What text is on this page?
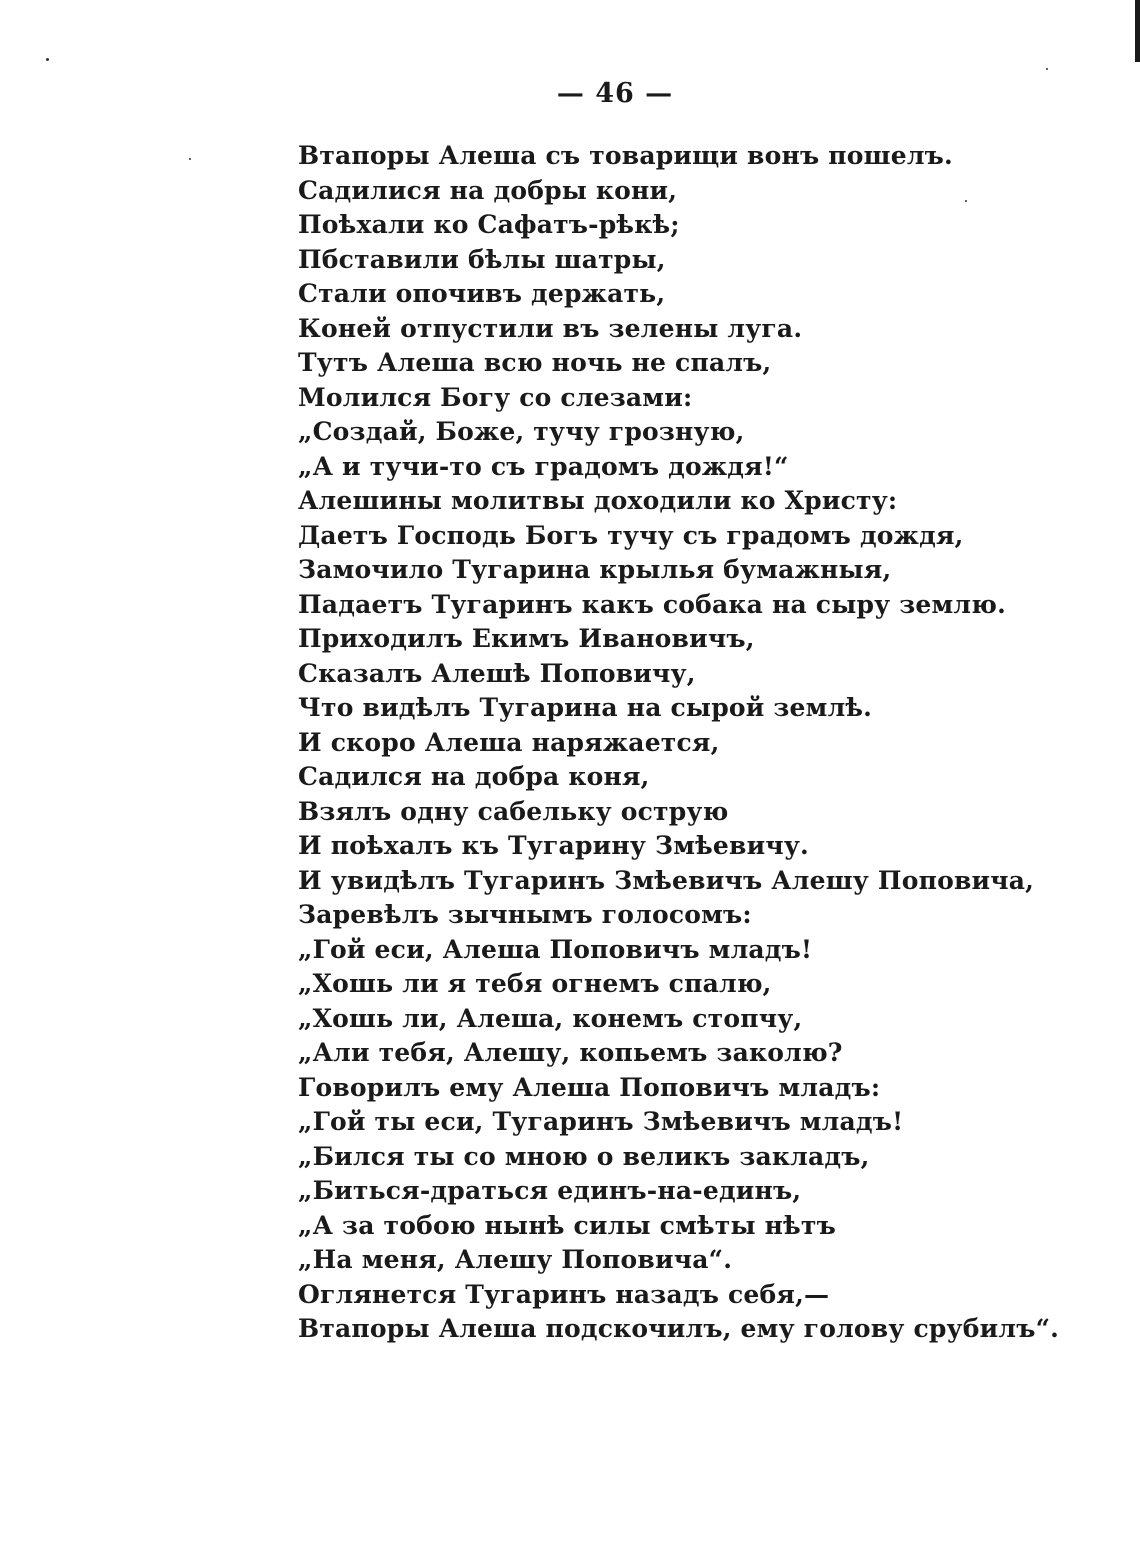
— 46 —
Втапоры Алеша съ товарищи вонъ пошелъ.
Садилися на добры кони,
Поѣхали ко Сафатъ-рѣкѣ;
Пбставили бѣлы шатры,
Стали опочивъ держать,
Коней отпустили въ зелены луга.
Тутъ Алеша всю ночь не спалъ,
Молился Богу со слезами:
„Создай, Боже, тучу грозную,
„А и тучи-то съ градомъ дождя!“
Алешины молитвы доходили ко Христу:
Даетъ Господь Богъ тучу съ градомъ дождя,
Замочило Тугарина крылья бумажныя,
Падаетъ Тугаринъ какъ собака на сыру землю.
Приходилъ Екимъ Ивановичъ,
Сказалъ Алешѣ Поповичу,
Что видѣлъ Тугарина на сырой землѣ.
И скоро Алеша наряжается,
Садился на добра коня,
Взялъ одну сабельку острую
И поѣхалъ къ Тугарину Змѣевичу.
И увидѣлъ Тугаринъ Змѣевичъ Алешу Поповича,
Заревѣлъ зычнымъ голосомъ:
„Гой еси, Алеша Поповичъ младъ!
„Хошь ли я тебя огнемъ спалю,
„Хошь ли, Алеша, конемъ стопчу,
„Али тебя, Алешу, копьемъ заколю?
Говорилъ ему Алеша Поповичъ младъ:
„Гой ты еси, Тугаринъ Змѣевичъ младъ!
„Бился ты со мною о великъ закладъ,
„Биться-драться единъ-на-единъ,
„А за тобою нынѣ силы смѣты нѣтъ
„На меня, Алешу Поповича“.
Оглянется Тугаринъ назадъ себя,—
Втапоры Алеша подскочилъ, ему голову срубилъ“.
